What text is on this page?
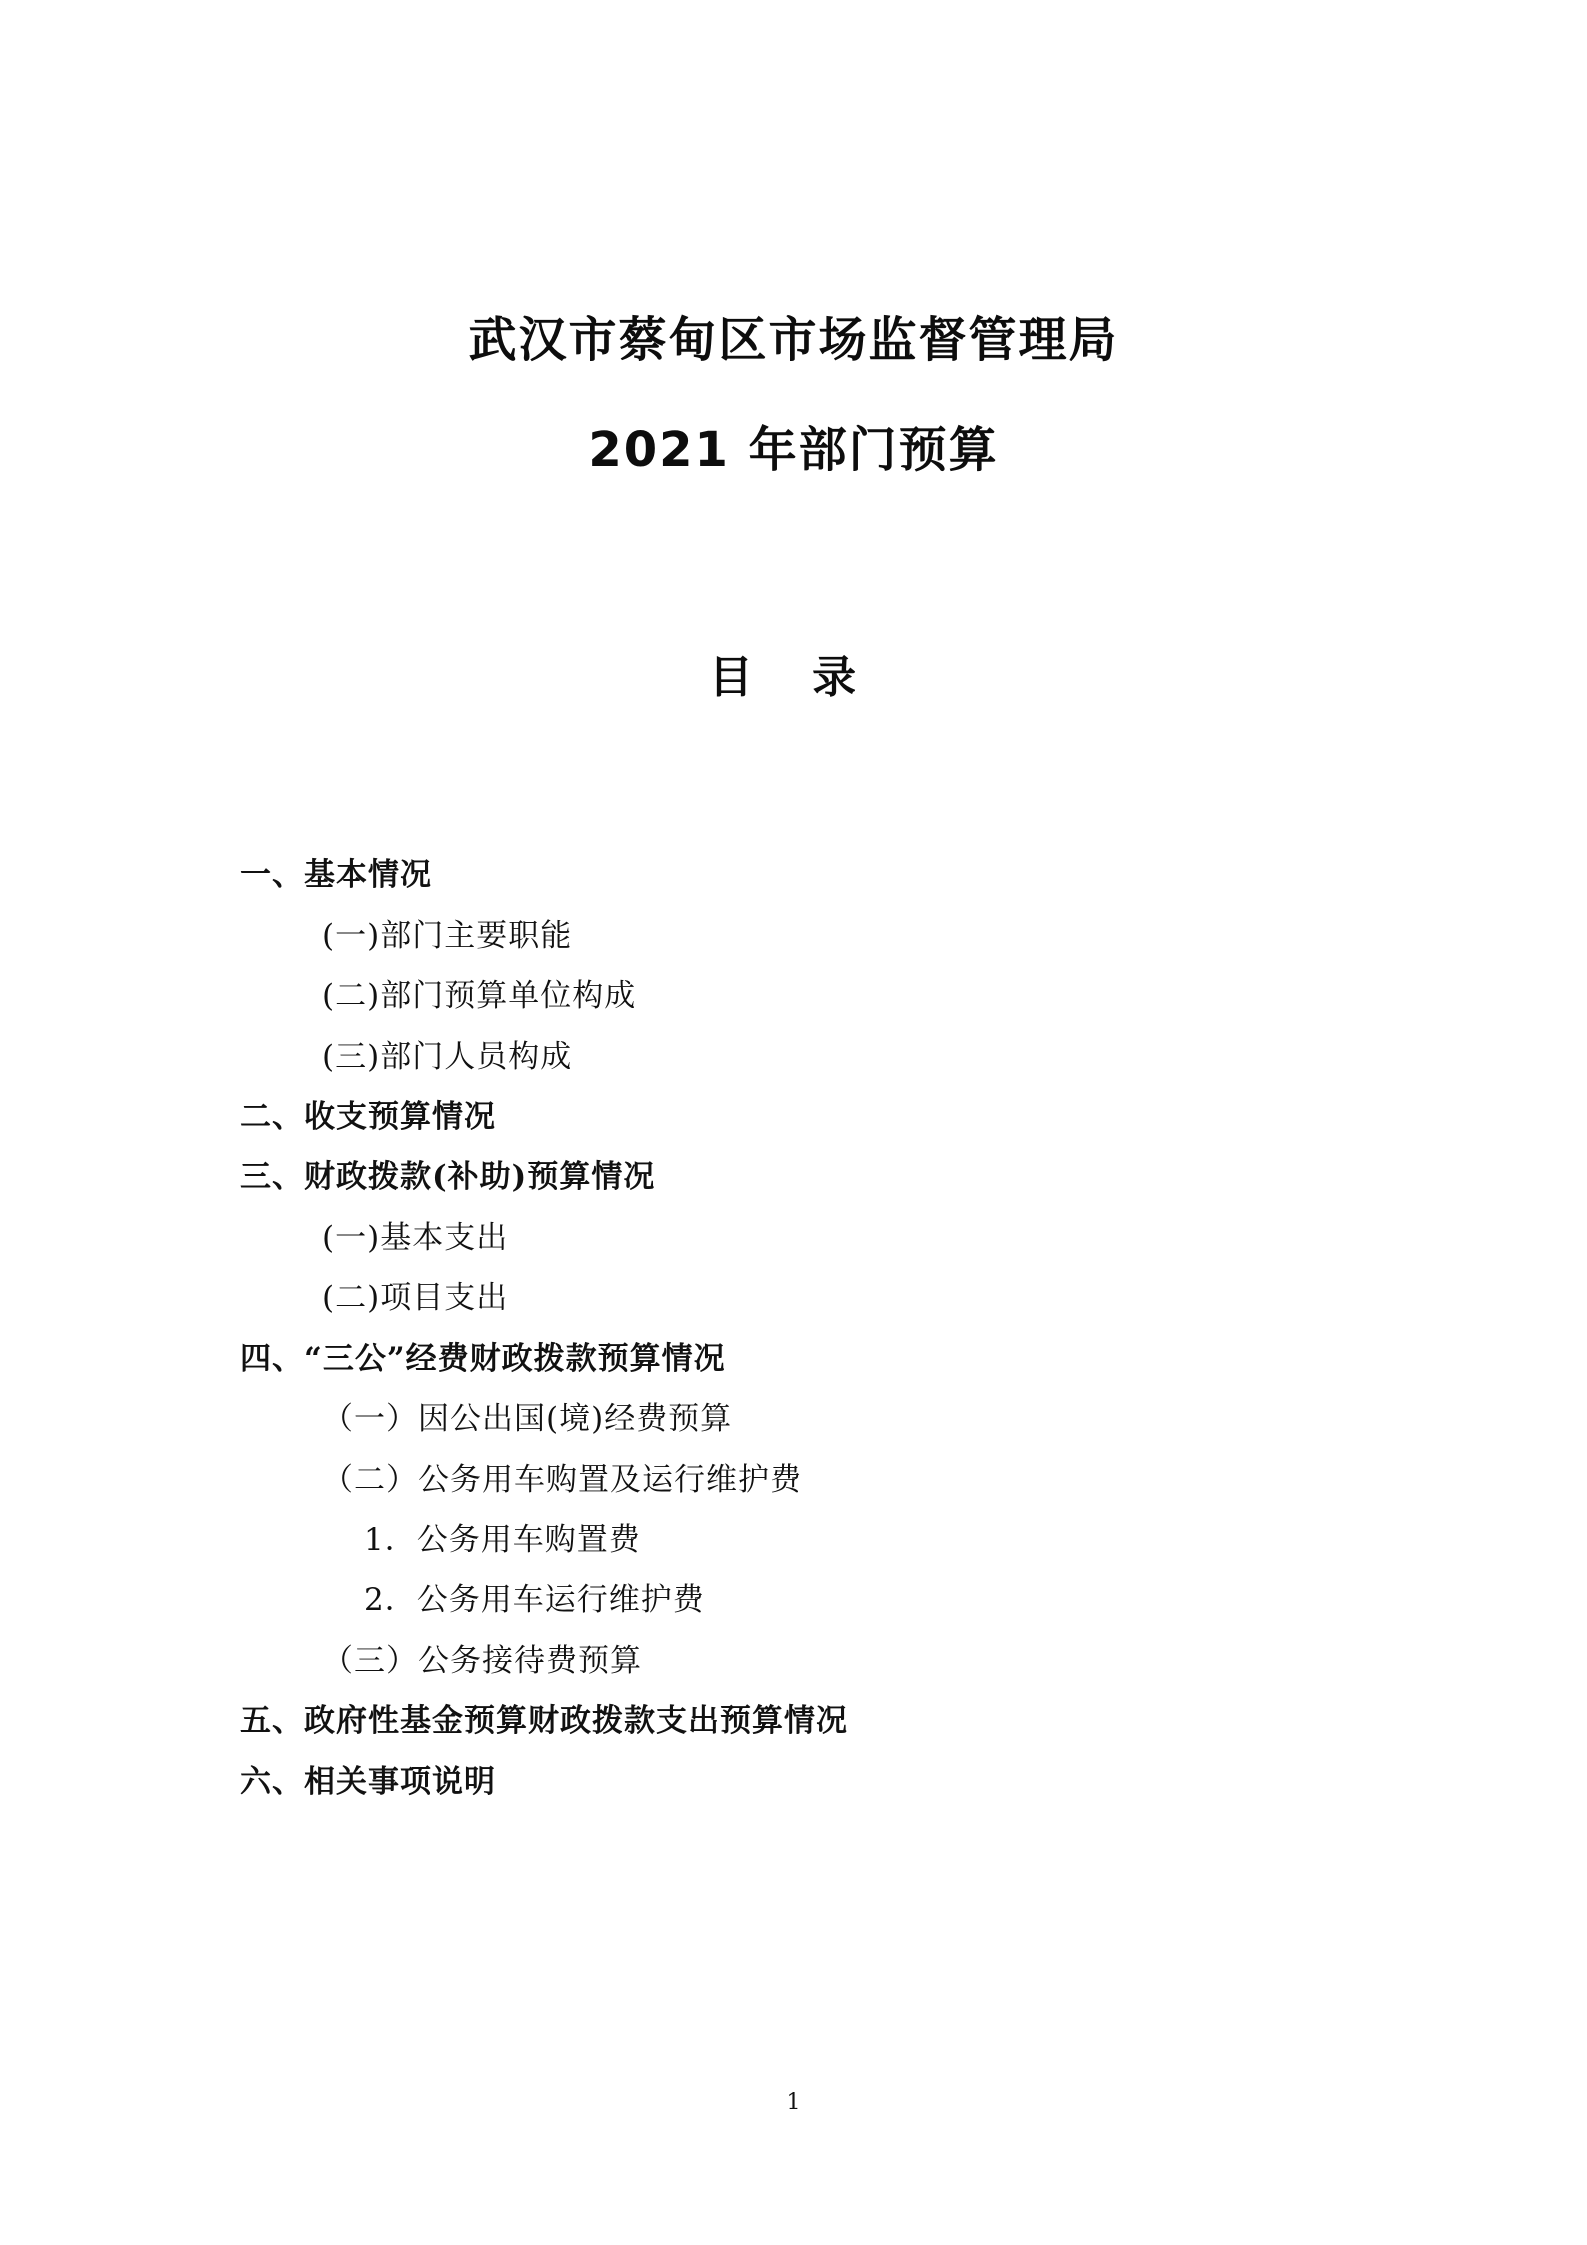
武汉市蔡甸区市场监督管理局
2021 年部门预算
目 录
一、基本情况
(一)部门主要职能
(二)部门预算单位构成
(三)部门人员构成
二、收支预算情况
三、财政拨款(补助)预算情况
(一)基本支出
(二)项目支出
四、“三公”经费财政拨款预算情况
（一）因公出国(境)经费预算
（二）公务用车购置及运行维护费
1．公务用车购置费
2．公务用车运行维护费
（三）公务接待费预算
五、政府性基金预算财政拨款支出预算情况
六、相关事项说明
1
